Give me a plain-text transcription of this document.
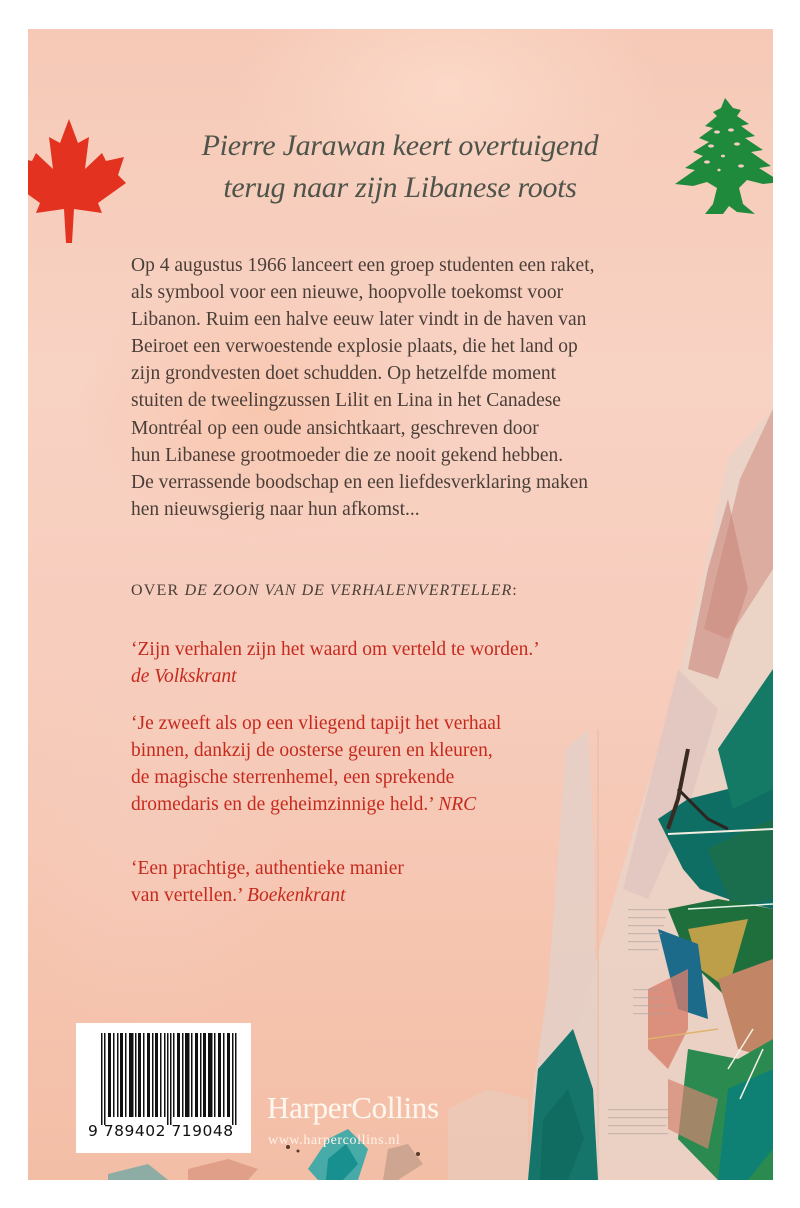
Pierre Jarawan keert overtuigend
terug naar zijn Libanese roots
Op 4 augustus 1966 lanceert een groep studenten een raket,
als symbool voor een nieuwe, hoopvolle toekomst voor
Libanon. Ruim een halve eeuw later vindt in de haven van
Beiroet een verwoestende explosie plaats, die het land op
zijn grondvesten doet schudden. Op hetzelfde moment
stuiten de tweelingzussen Lilit en Lina in het Canadese
Montréal op een oude ansichtkaart, geschreven door
hun Libanese grootmoeder die ze nooit gekend hebben.
De verrassende boodschap en een liefdesverklaring maken
hen nieuwsgierig naar hun afkomst...
OVER DE ZOON VAN DE VERHALENVERTELLER:
‘Zijn verhalen zijn het waard om verteld te worden.’
de Volkskrant
‘Je zweeft als op een vliegend tapijt het verhaal
binnen, dankzij de oosterse geuren en kleuren,
de magische sterrenhemel, een sprekende
dromedaris en de geheimzinnige held.’ NRC
‘Een prachtige, authentieke manier
van vertellen.’ Boekenkrant
9 789402 719048
HarperCollins
www.harpercollins.nl
